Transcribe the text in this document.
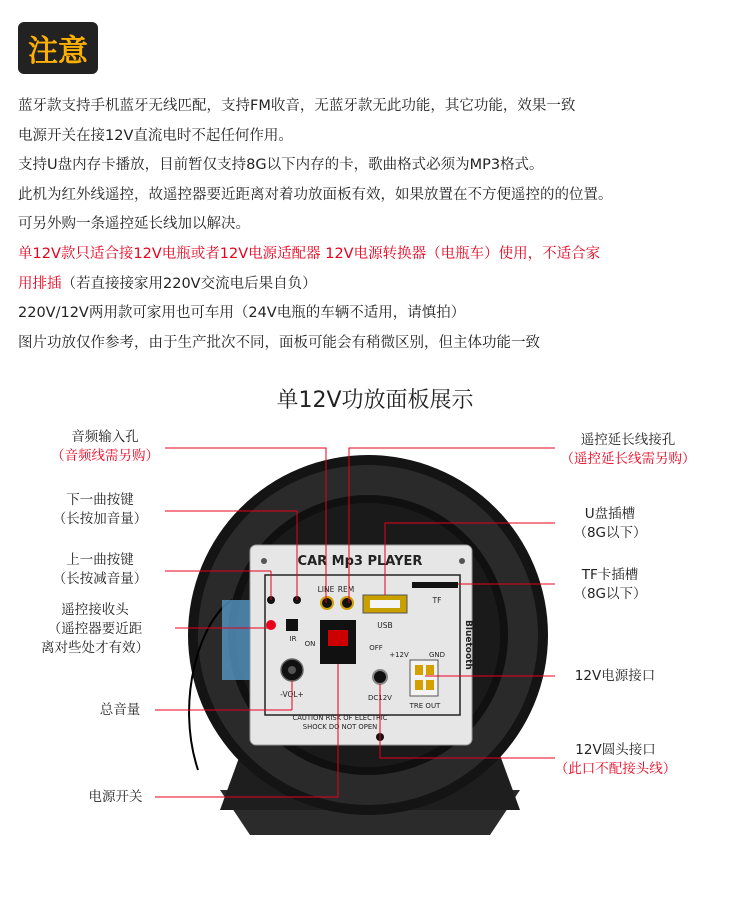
注意
蓝牙款支持手机蓝牙无线匹配，支持FM收音，无蓝牙款无此功能，其它功能，效果一致
电源开关在接12V直流电时不起任何作用。
支持U盘内存卡播放，目前暂仅支持8G以下内存的卡，歌曲格式必须为MP3格式。
此机为红外线遥控，故遥控器要近距离对着功放面板有效，如果放置在不方便遥控的的位置。
可另外购一条遥控延长线加以解决。
单12V款只适合接12V电瓶或者12V电源适配器 12V电源转换器（电瓶车）使用，不适合家
用排插（若直接接家用220V交流电后果自负）
220V/12V两用款可家用也可车用（24V电瓶的车辆不适用，请慎拍）
图片功放仅作参考，由于生产批次不同，面板可能会有稍微区别，但主体功能一致
单12V功放面板展示
CAR Mp3 PLAYER
LINE REM
USB
TF
Bluetooth
IR
ON	OFF
-VOL+
+12V	GND
TRE OUT
DC12V
CAUTION RISK OF ELECTRIC
SHOCK DO NOT OPEN
音频输入孔
（音频线需另购）
下一曲按键
（长按加音量）
上一曲按键
（长按减音量）
遥控接收头
（遥控器要近距
离对些处才有效）
总音量
电源开关
遥控延长线接孔
（遥控延长线需另购）
U盘插槽
（8G以下）
TF卡插槽
（8G以下）
12V电源接口
12V圆头接口
（此口不配接头线）
